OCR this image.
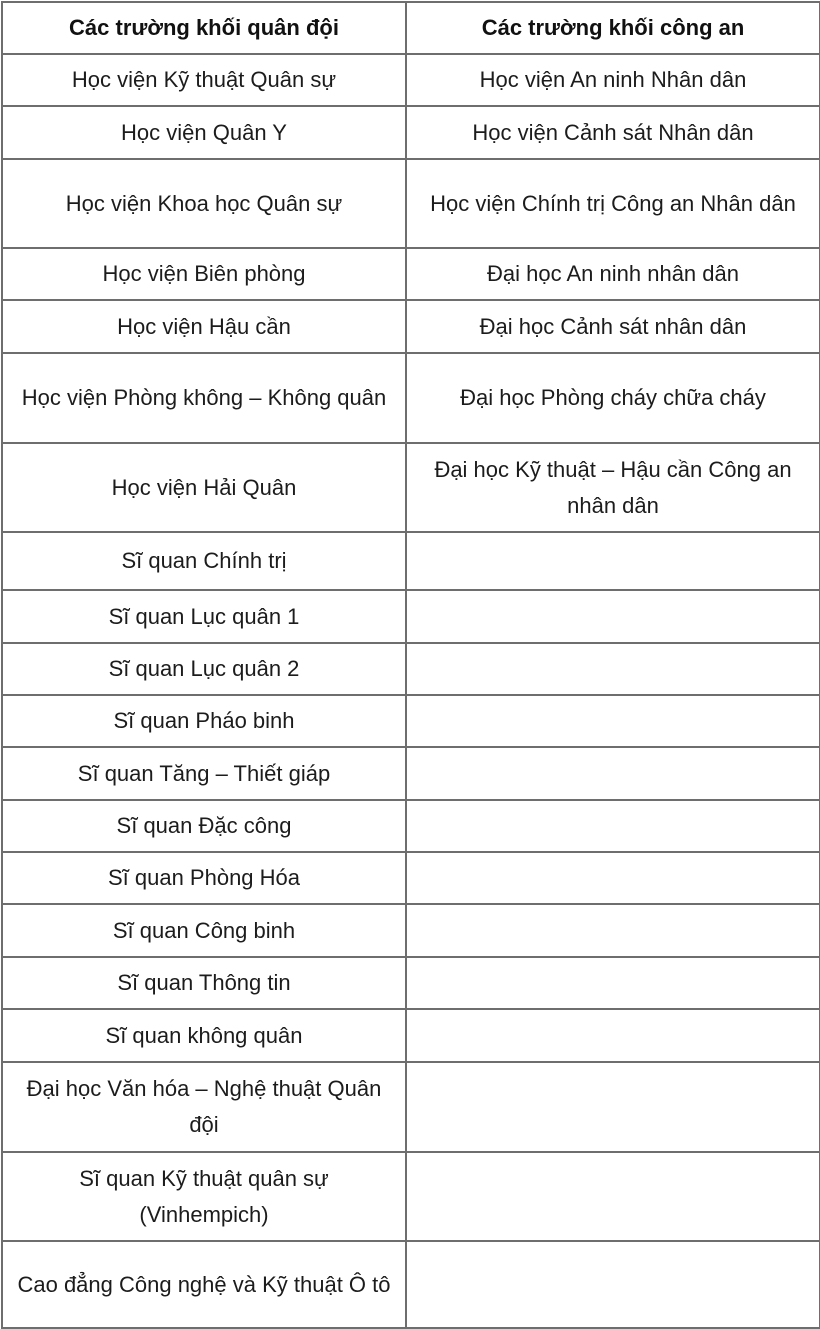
Các trường khối quân đội	Các trường khối công an
Học viện Kỹ thuật Quân sự	Học viện An ninh Nhân dân
Học viện Quân Y	Học viện Cảnh sát Nhân dân
Học viện Khoa học Quân sự	Học viện Chính trị Công an Nhân dân
Học viện Biên phòng	Đại học An ninh nhân dân
Học viện Hậu cần	Đại học Cảnh sát nhân dân
Học viện Phòng không – Không quân	Đại học Phòng cháy chữa cháy
Học viện Hải Quân	Đại học Kỹ thuật – Hậu cần Công an nhân dân
Sĩ quan Chính trị	
Sĩ quan Lục quân 1	
Sĩ quan Lục quân 2	
Sĩ quan Pháo binh	
Sĩ quan Tăng – Thiết giáp	
Sĩ quan Đặc công	
Sĩ quan Phòng Hóa	
Sĩ quan Công binh	
Sĩ quan Thông tin	
Sĩ quan không quân	
Đại học Văn hóa – Nghệ thuật Quân đội	
Sĩ quan Kỹ thuật quân sự (Vinhempich)	
Cao đẳng Công nghệ và Kỹ thuật Ô tô	
